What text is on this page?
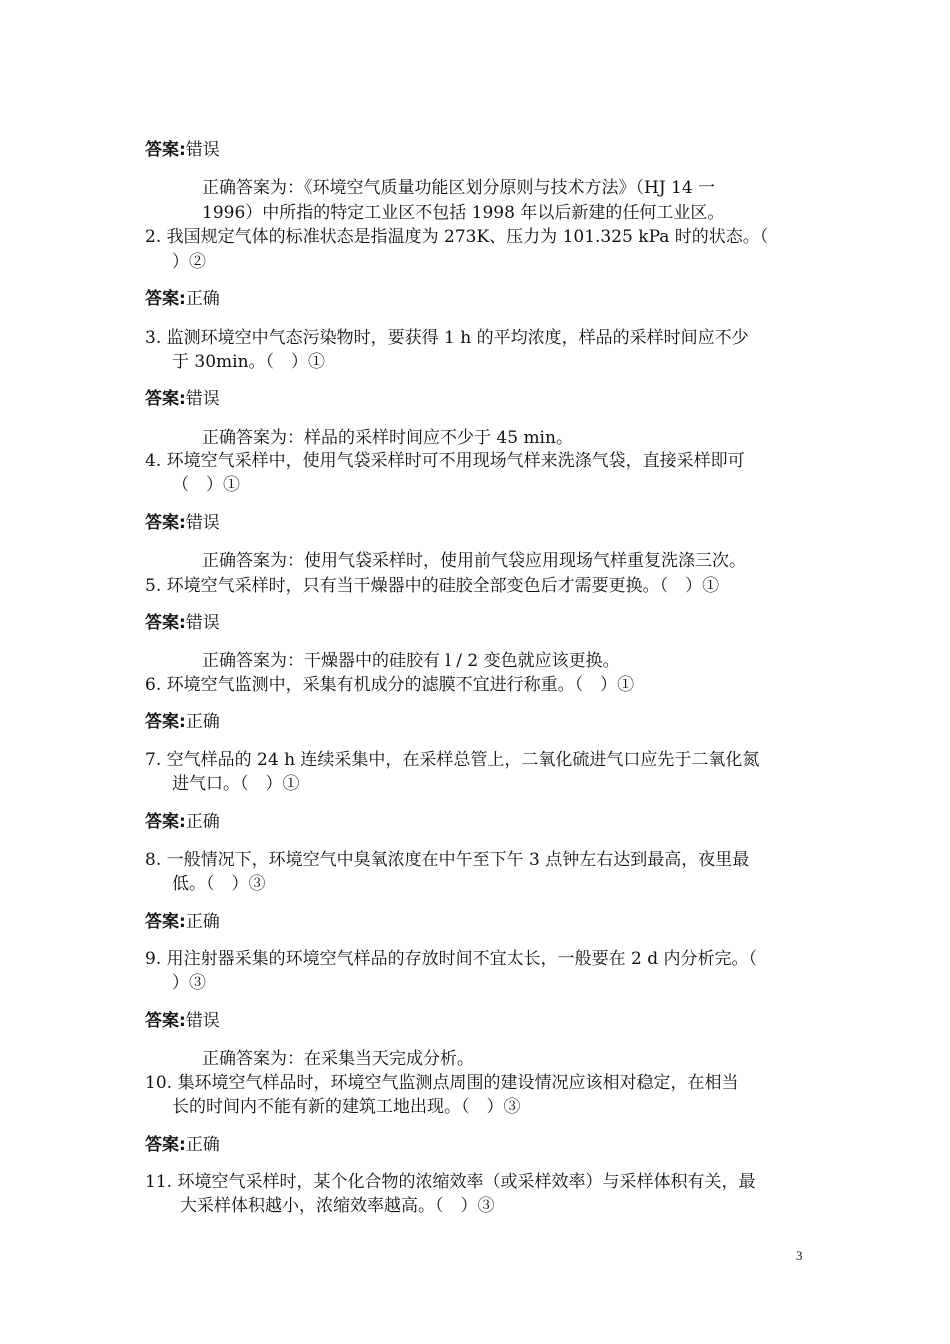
答案:错误
正确答案为：《环境空气质量功能区划分原则与技术方法》（HJ 14 一
1996）中所指的特定工业区不包括 1998 年以后新建的任何工业区。
2. 我国规定气体的标准状态是指温度为 273K、压力为 101.325 kPa 时的状态。（
）②
答案:正确
3. 监测环境空中气态污染物时，要获得 1 h 的平均浓度，样品的采样时间应不少
于 30min。（　）①
答案:错误
正确答案为：样品的采样时间应不少于 45 min。
4. 环境空气采样中，使用气袋采样时可不用现场气样来洗涤气袋，直接采样即可
（　）①
答案:错误
正确答案为：使用气袋采样时，使用前气袋应用现场气样重复洗涤三次。
5. 环境空气采样时，只有当干燥器中的硅胶全部变色后才需要更换。（　）①
答案:错误
正确答案为：干燥器中的硅胶有 l / 2 变色就应该更换。
6. 环境空气监测中，采集有机成分的滤膜不宜进行称重。（　）①
答案:正确
7. 空气样品的 24 h 连续采集中，在采样总管上，二氧化硫进气口应先于二氧化氮
进气口。（　）①
答案:正确
8. 一般情况下，环境空气中臭氧浓度在中午至下午 3 点钟左右达到最高，夜里最
低。（　）③
答案:正确
9. 用注射器采集的环境空气样品的存放时间不宜太长，一般要在 2 d 内分析完。（
）③
答案:错误
正确答案为：在采集当天完成分析。
10. 集环境空气样品时，环境空气监测点周围的建设情况应该相对稳定，在相当
长的时间内不能有新的建筑工地出现。（　）③
答案:正确
11. 环境空气采样时，某个化合物的浓缩效率（或采样效率）与采样体积有关，最
大采样体积越小，浓缩效率越高。（　）③
3
